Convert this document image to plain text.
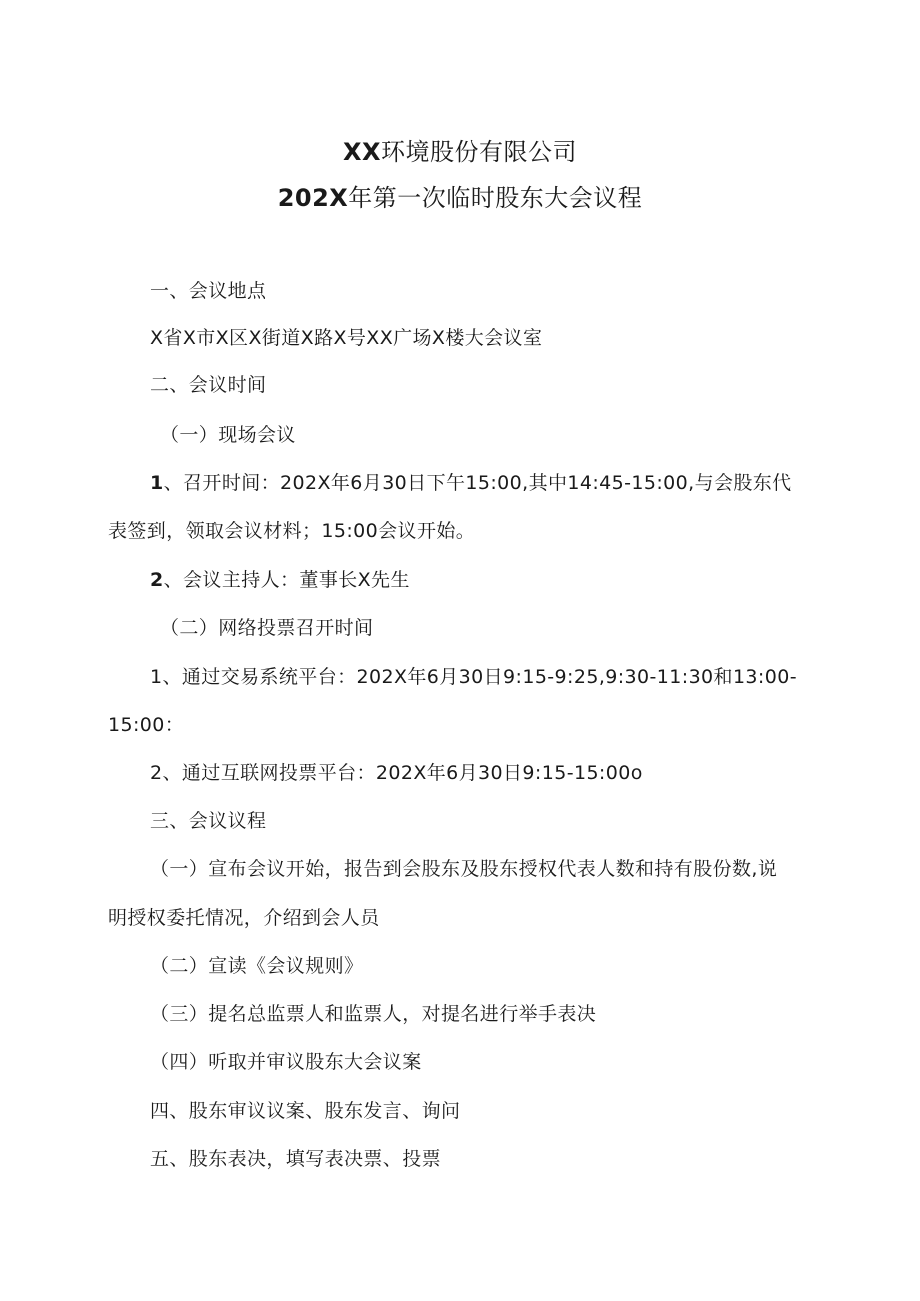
XX环境股份有限公司
202X年第一次临时股东大会议程
一、会议地点
X省X市X区X街道X路X号XX广场X楼大会议室
二、会议时间
（一）现场会议
1、召开时间：202X年6月30日下午15:00,其中14:45-15:00,与会股东代
表签到，领取会议材料；15:00会议开始。
2、会议主持人：董事长X先生
（二）网络投票召开时间
1、通过交易系统平台：202X年6月30日9:15-9:25,9:30-11:30和13:00-
15:00：
2、通过互联网投票平台：202X年6月30日9:15-15:00o
三、会议议程
（一）宣布会议开始，报告到会股东及股东授权代表人数和持有股份数,说
明授权委托情况，介绍到会人员
（二）宣读《会议规则》
（三）提名总监票人和监票人，对提名进行举手表决
（四）听取并审议股东大会议案
四、股东审议议案、股东发言、询问
五、股东表决，填写表决票、投票
